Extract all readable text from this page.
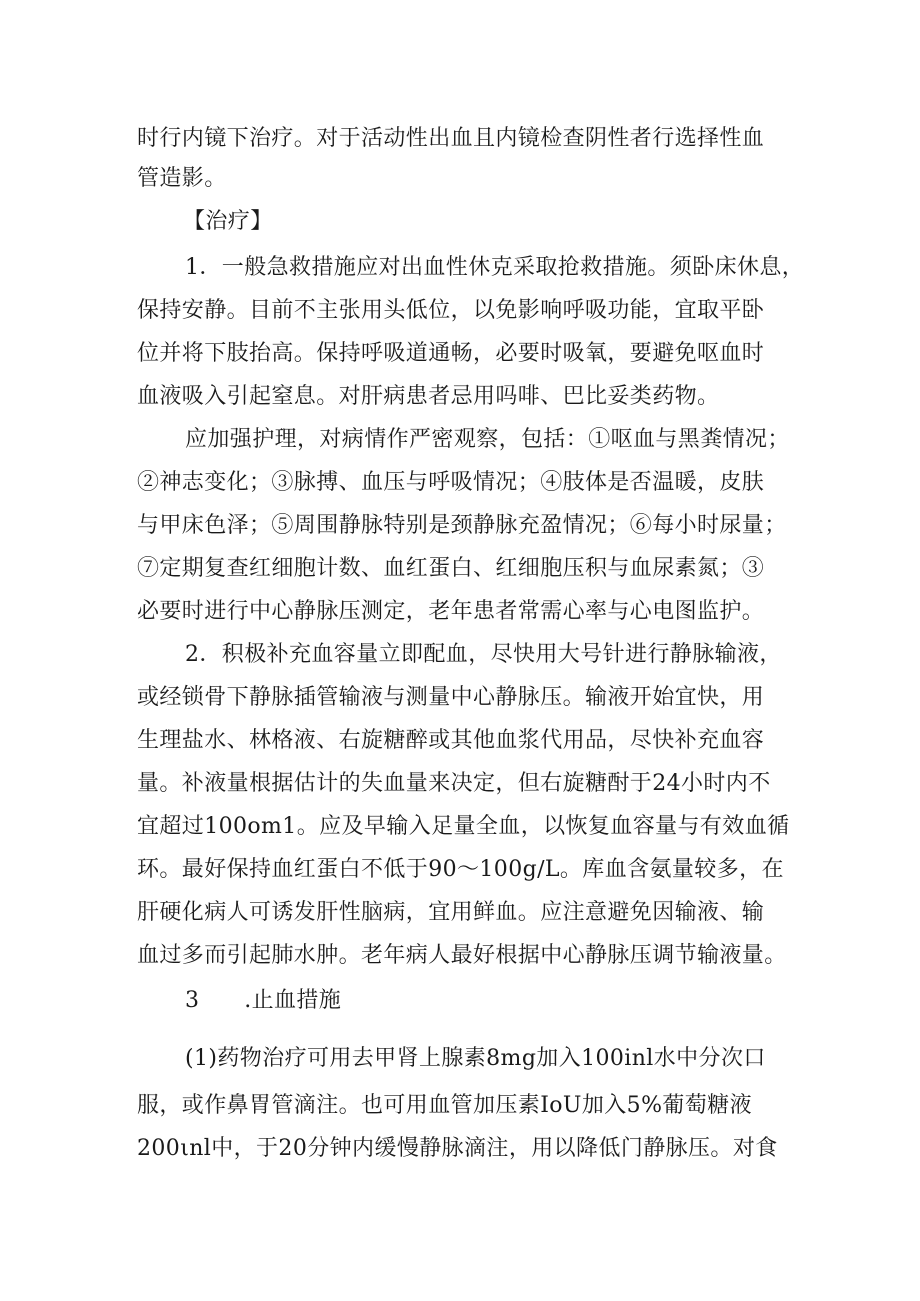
时行内镜下治疗。对于活动性出血且内镜检查阴性者行选择性血
管造影。
【治疗】
1．一般急救措施应对出血性休克采取抢救措施。须卧床休息，
保持安静。目前不主张用头低位，以免影响呼吸功能，宜取平卧
位并将下肢抬高。保持呼吸道通畅，必要时吸氧，要避免呕血时
血液吸入引起窒息。对肝病患者忌用吗啡、巴比妥类药物。
应加强护理，对病情作严密观察，包括：①呕血与黑粪情况；
②神志变化；③脉搏、血压与呼吸情况；④肢体是否温暖，皮肤
与甲床色泽；⑤周围静脉特别是颈静脉充盈情况；⑥每小时尿量；
⑦定期复查红细胞计数、血红蛋白、红细胞压积与血尿素氮；③
必要时进行中心静脉压测定，老年患者常需心率与心电图监护。
2．积极补充血容量立即配血，尽快用大号针进行静脉输液，
或经锁骨下静脉插管输液与测量中心静脉压。输液开始宜快，用
生理盐水、林格液、右旋糖醉或其他血浆代用品，尽快补充血容
量。补液量根据估计的失血量来决定，但右旋糖酎于24小时内不
宜超过100om1。应及早输入足量全血，以恢复血容量与有效血循
环。最好保持血红蛋白不低于90～100g∕L。库血含氨量较多，在
肝硬化病人可诱发肝性脑病，宜用鲜血。应注意避免因输液、输
血过多而引起肺水肿。老年病人最好根据中心静脉压调节输液量。
3　　.止血措施
(1)药物治疗可用去甲肾上腺素8mg加入100inl水中分次口
服，或作鼻胃管滴注。也可用血管加压素IoU加入5%葡萄糖液
200ιnl中，于20分钟内缓慢静脉滴注，用以降低门静脉压。对食
